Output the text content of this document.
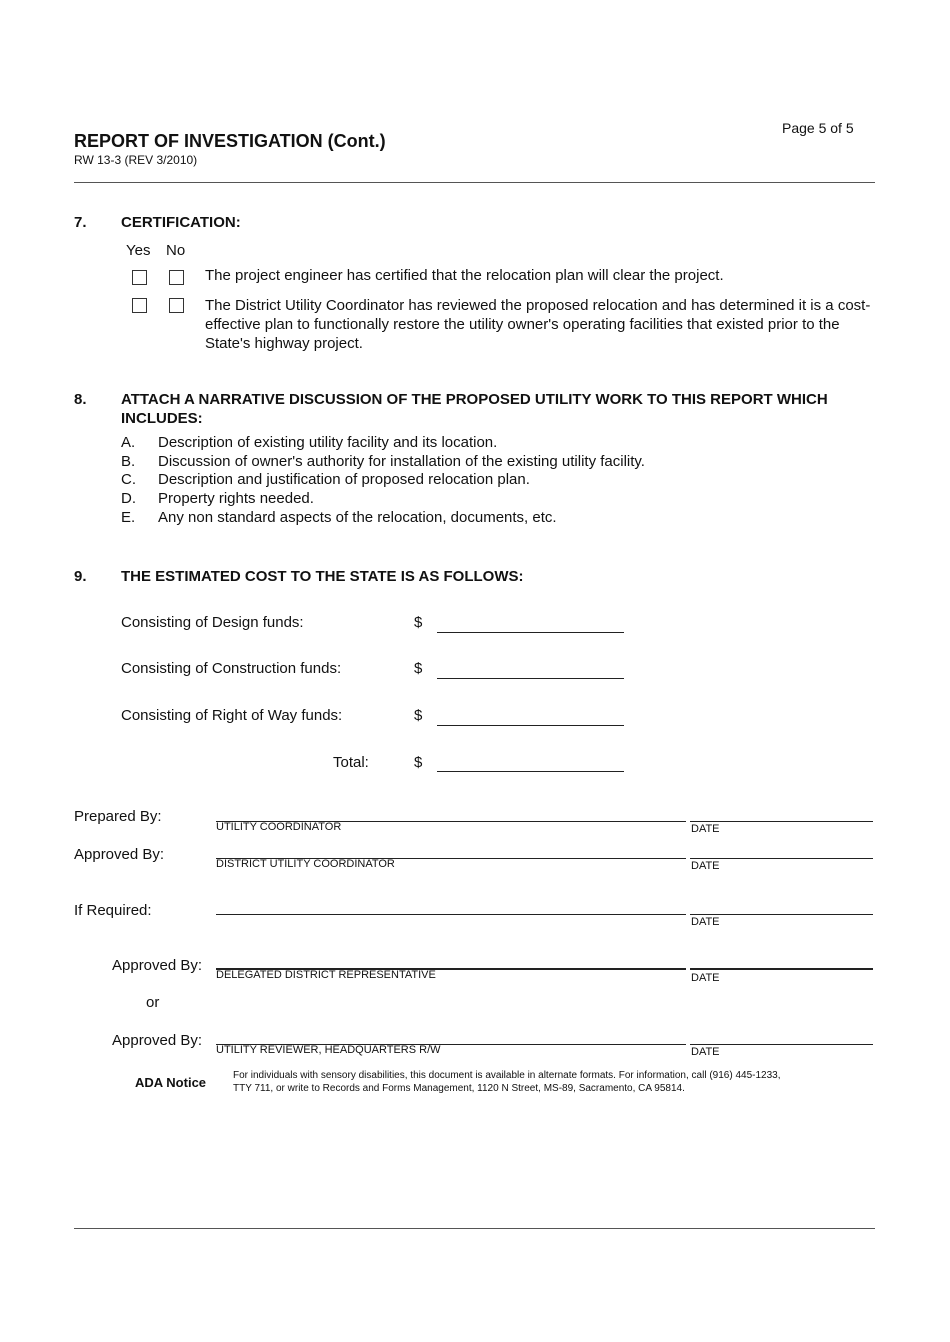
Page 5 of 5
REPORT OF INVESTIGATION (Cont.)
RW 13-3 (REV 3/2010)
7. CERTIFICATION:
Yes No
The project engineer has certified that the relocation plan will clear the project.
The District Utility Coordinator has reviewed the proposed relocation and has determined it is a cost-effective plan to functionally restore the utility owner's operating facilities that existed prior to the State's highway project.
8. ATTACH A NARRATIVE DISCUSSION OF THE PROPOSED UTILITY WORK TO THIS REPORT WHICH INCLUDES:
A. Description of existing utility facility and its location.
B. Discussion of owner's authority for installation of the existing utility facility.
C. Description and justification of proposed relocation plan.
D. Property rights needed.
E. Any non standard aspects of the relocation, documents, etc.
9. THE ESTIMATED COST TO THE STATE IS AS FOLLOWS:
Consisting of Design funds:	$
Consisting of Construction funds:	$
Consisting of Right of Way funds:	$
Total:	$
Prepared By:
UTILITY COORDINATOR	DATE
Approved By:
DISTRICT UTILITY COORDINATOR	DATE
If Required:
DATE
Approved By:
DELEGATED DISTRICT REPRESENTATIVE	DATE
or
Approved By:
UTILITY REVIEWER, HEADQUARTERS R/W	DATE
ADA Notice	For individuals with sensory disabilities, this document is available in alternate formats. For information, call (916) 445-1233,
TTY 711, or write to Records and Forms Management, 1120 N Street, MS-89, Sacramento, CA 95814.
